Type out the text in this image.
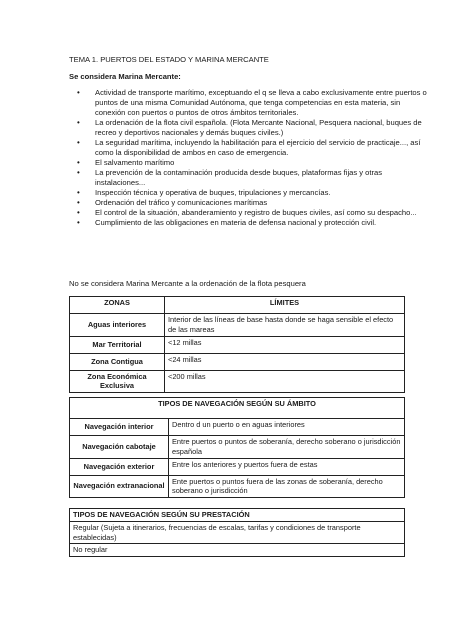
TEMA 1. PUERTOS DEL ESTADO Y MARINA MERCANTE
Se considera Marina Mercante:
• Actividad de transporte marítimo, exceptuando el q se lleva a cabo exclusivamente entre puertos o puntos de una misma Comunidad Autónoma, que tenga competencias en esta materia, sin conexión con puertos o puntos de otros ámbitos territoriales.
• La ordenación de la flota civil española. (Flota Mercante Nacional, Pesquera nacional, buques de recreo y deportivos nacionales y demás buques civiles.)
• La seguridad marítima, incluyendo la habilitación para el ejercicio del servicio de practicaje..., así como la disponibilidad de ambos en caso de emergencia.
• El salvamento marítimo
• La prevención de la contaminación producida desde buques, plataformas fijas y otras instalaciones...
• Inspección técnica y operativa de buques, tripulaciones y mercancías.
• Ordenación del tráfico y comunicaciones marítimas
• El control de la situación, abanderamiento y registro de buques civiles, así como su despacho...
• Cumplimiento de las obligaciones en materia de defensa nacional y protección civil.
No se considera Marina Mercante a la ordenación de la flota pesquera
ZONAS	LÍMITES
Aguas interiores	Interior de las líneas de base hasta donde se haga sensible el efecto de las mareas
Mar Territorial	<12 millas
Zona Contigua	<24 millas
Zona Económica Exclusiva	<200 millas
TIPOS DE NAVEGACIÓN SEGÚN SU ÁMBITO	
Navegación interior	Dentro d un puerto o en aguas interiores
Navegación cabotaje	Entre puertos o puntos de soberanía, derecho soberano o jurisdicción española
Navegación exterior	Entre los anteriores y puertos fuera de estas
Navegación extranacional	Ente puertos o puntos fuera de las zonas de soberanía, derecho soberano o jurisdicción
TIPOS DE NAVEGACIÓN SEGÚN SU PRESTACIÓN
Regular (Sujeta a itinerarios, frecuencias de escalas, tarifas y condiciones de transporte establecidas)
No regular
